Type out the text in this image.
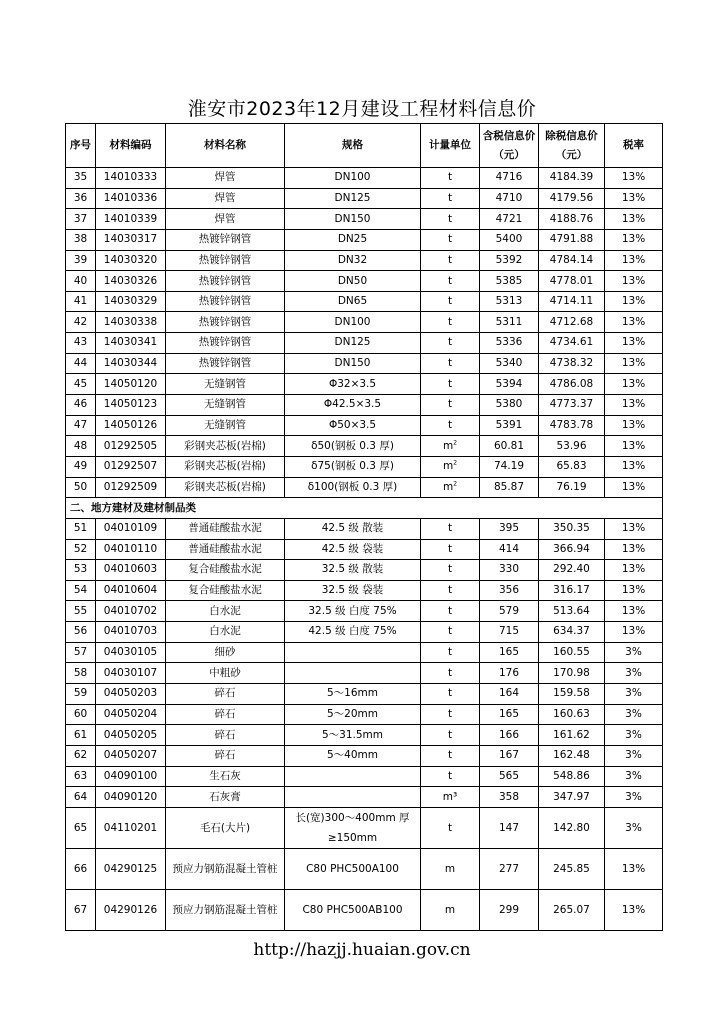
淮安市2023年12月建设工程材料信息价
序号	材料编码	材料名称	规格	计量单位	含税信息价（元）	除税信息价（元）	税率
35	14010333	焊管	DN100	t	4716	4184.39	13%
36	14010336	焊管	DN125	t	4710	4179.56	13%
37	14010339	焊管	DN150	t	4721	4188.76	13%
38	14030317	热镀锌钢管	DN25	t	5400	4791.88	13%
39	14030320	热镀锌钢管	DN32	t	5392	4784.14	13%
40	14030326	热镀锌钢管	DN50	t	5385	4778.01	13%
41	14030329	热镀锌钢管	DN65	t	5313	4714.11	13%
42	14030338	热镀锌钢管	DN100	t	5311	4712.68	13%
43	14030341	热镀锌钢管	DN125	t	5336	4734.61	13%
44	14030344	热镀锌钢管	DN150	t	5340	4738.32	13%
45	14050120	无缝钢管	Φ32×3.5	t	5394	4786.08	13%
46	14050123	无缝钢管	Φ42.5×3.5	t	5380	4773.37	13%
47	14050126	无缝钢管	Φ50×3.5	t	5391	4783.78	13%
48	01292505	彩钢夹芯板(岩棉)	δ50(钢板 0.3 厚)	$m^2$	60.81	53.96	13%
49	01292507	彩钢夹芯板(岩棉)	δ75(钢板 0.3 厚)	$m^2$	74.19	65.83	13%
50	01292509	彩钢夹芯板(岩棉)	δ100(钢板 0.3 厚)	$m^2$	85.87	76.19	13%
二、地方建材及建材制品类							
51	04010109	普通硅酸盐水泥	42.5 级 散装	t	395	350.35	13%
52	04010110	普通硅酸盐水泥	42.5 级 袋装	t	414	366.94	13%
53	04010603	复合硅酸盐水泥	32.5 级 散装	t	330	292.40	13%
54	04010604	复合硅酸盐水泥	32.5 级 袋装	t	356	316.17	13%
55	04010702	白水泥	32.5 级 白度 75%	t	579	513.64	13%
56	04010703	白水泥	42.5 级 白度 75%	t	715	634.37	13%
57	04030105	细砂		t	165	160.55	3%
58	04030107	中粗砂		t	176	170.98	3%
59	04050203	碎石	5～16mm	t	164	159.58	3%
60	04050204	碎石	5～20mm	t	165	160.63	3%
61	04050205	碎石	5～31.5mm	t	166	161.62	3%
62	04050207	碎石	5～40mm	t	167	162.48	3%
63	04090100	生石灰		t	565	548.86	3%
64	04090120	石灰膏		m³	358	347.97	3%
65	04110201	毛石(大片)	长(宽)300～400mm 厚≥150mm	t	147	142.80	3%
66	04290125	预应力钢筋混凝土管桩	C80 PHC500A100	m	277	245.85	13%
67	04290126	预应力钢筋混凝土管桩	C80 PHC500AB100	m	299	265.07	13%
http://hazjj.huaian.gov.cn
